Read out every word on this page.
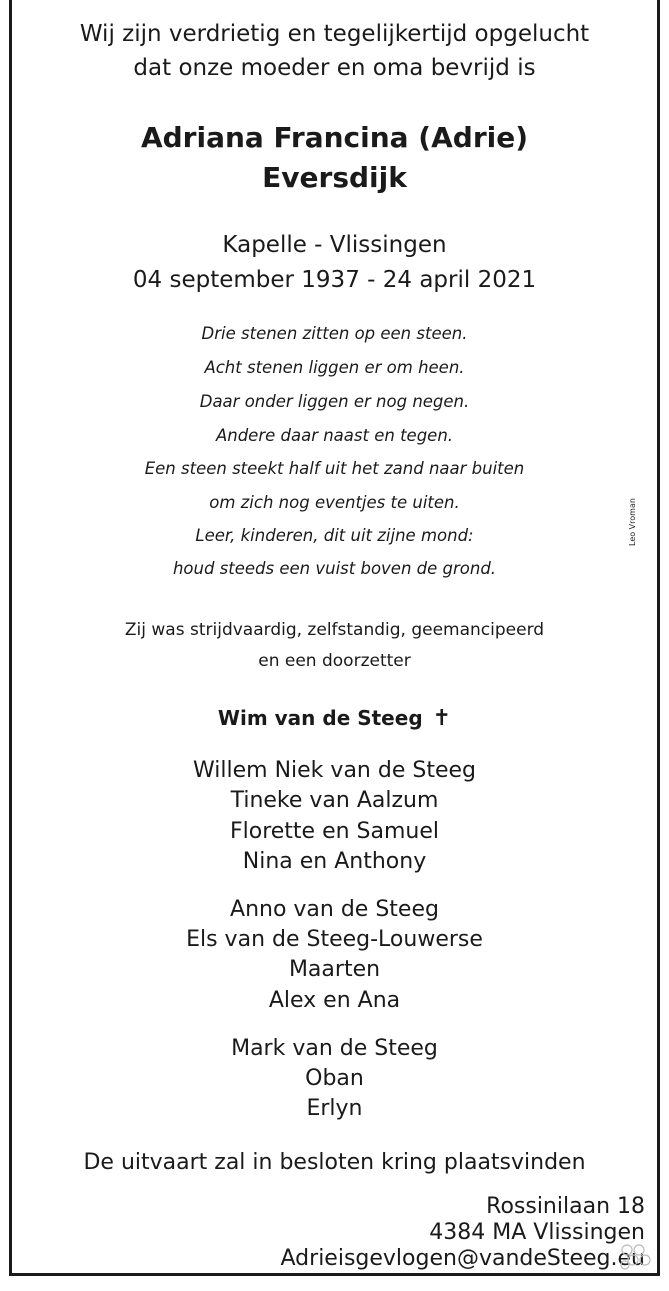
Wij zijn verdrietig en tegelijkertijd opgelucht
dat onze moeder en oma bevrijd is
Adriana Francina (Adrie)
Eversdijk
Kapelle - Vlissingen
04 september 1937 - 24 april 2021
Drie stenen zitten op een steen.
Acht stenen liggen er om heen.
Daar onder liggen er nog negen.
Andere daar naast en tegen.
Een steen steekt half uit het zand naar buiten
om zich nog eventjes te uiten.
Leer, kinderen, dit uit zijne mond:
houd steeds een vuist boven de grond.
Leo Vroman
Zij was strijdvaardig, zelfstandig, geemancipeerd
en een doorzetter
Wim van de Steeg ✝
Willem Niek van de Steeg
Tineke van Aalzum
Florette en Samuel
Nina en Anthony
Anno van de Steeg
Els van de Steeg-Louwerse
Maarten
Alex en Ana
Mark van de Steeg
Oban
Erlyn
De uitvaart zal in besloten kring plaatsvinden
Rossinilaan 18
4384 MA Vlissingen
Adrieisgevlogen@vandeSteeg.eu
